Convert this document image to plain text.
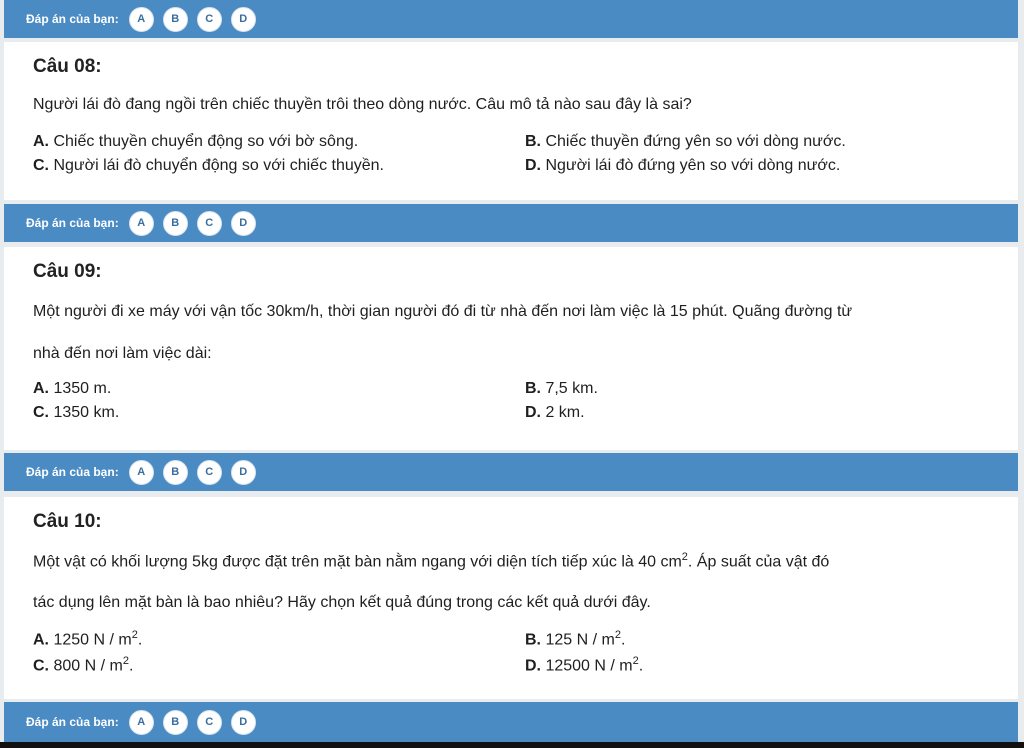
Đáp án của bạn:	A	B	C	D

Câu 08:

Người lái đò đang ngồi trên chiếc thuyền trôi theo dòng nước. Câu mô tả nào sau đây là sai?

A. Chiếc thuyền chuyển động so với bờ sông.	B. Chiếc thuyền đứng yên so với dòng nước.
C. Người lái đò chuyển động so với chiếc thuyền.	D. Người lái đò đứng yên so với dòng nước.
Đáp án của bạn:	A	B	C	D

Câu 09:

Một người đi xe máy với vận tốc 30km/h, thời gian người đó đi từ nhà đến nơi làm việc là 15 phút. Quãng đường từ

nhà đến nơi làm việc dài:

A. 1350 m.	B. 7,5 km.
C. 1350 km.	D. 2 km.
Đáp án của bạn:	A	B	C	D

Câu 10:

Một vật có khối lượng 5kg được đặt trên mặt bàn nằm ngang với diện tích tiếp xúc là 40 $cm^2$. Áp suất của vật đó

tác dụng lên mặt bàn là bao nhiêu? Hãy chọn kết quả đúng trong các kết quả dưới đây.

A. 1250 N / $m^2$.	B. 125 N / $m^2$.
C. 800 N / $m^2$.	D. 12500 N / $m^2$.
Đáp án của bạn:	A	B	C	D
